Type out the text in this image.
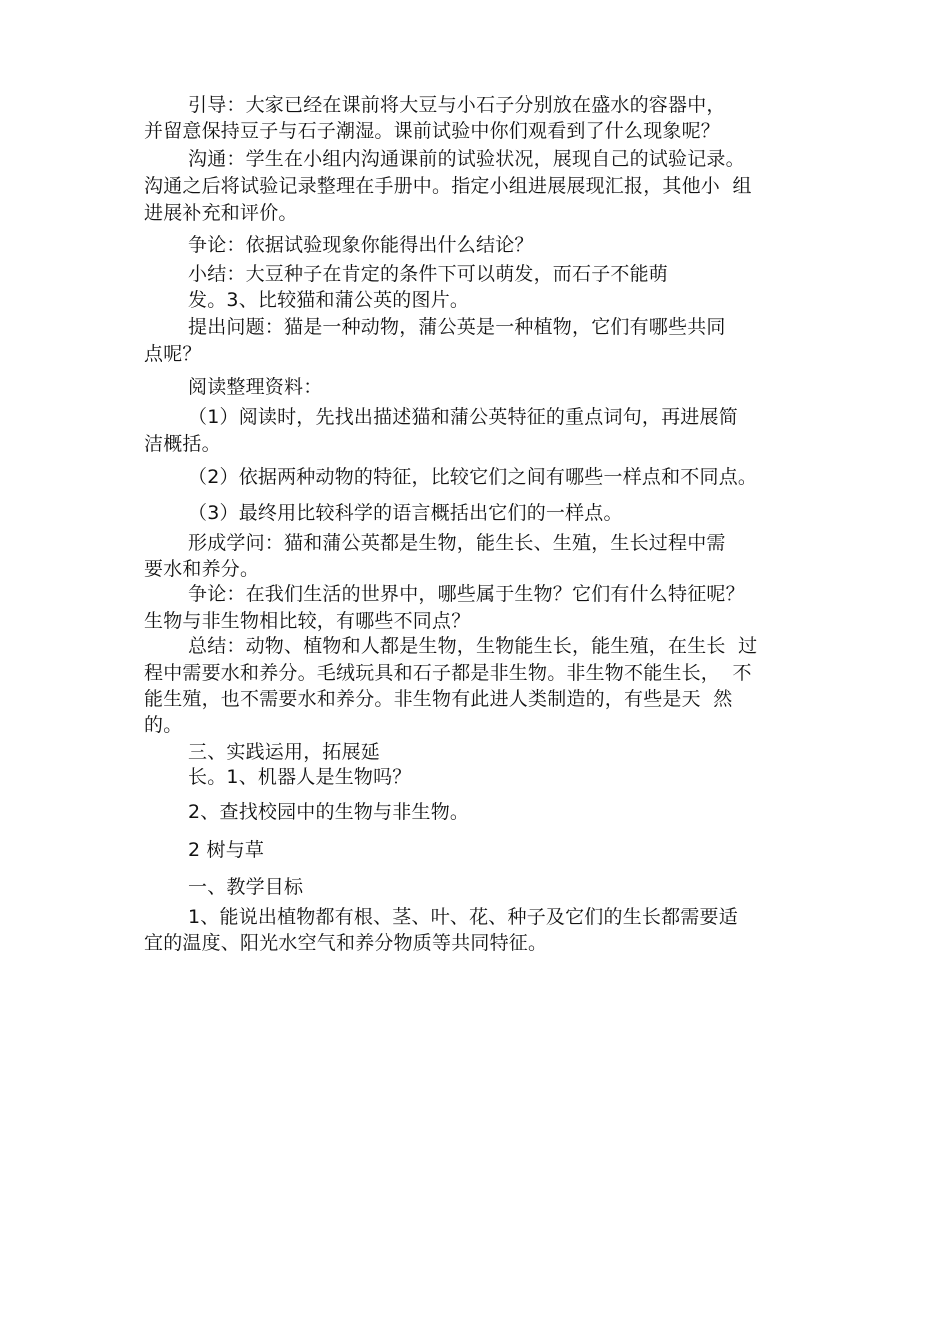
引导：大家已经在课前将大豆与小石子分别放在盛水的容器中，
并留意保持豆子与石子潮湿。课前试验中你们观看到了什么现象呢？
沟通：学生在小组内沟通课前的试验状况，展现自己的试验记录。
沟通之后将试验记录整理在手册中。指定小组进展展现汇报，其他小  组
进展补充和评价。
争论：依据试验现象你能得出什么结论？
小结：大豆种子在肯定的条件下可以萌发，而石子不能萌
发。3、比较猫和蒲公英的图片。
提出问题：猫是一种动物，蒲公英是一种植物，它们有哪些共同
点呢？
阅读整理资料：
（1）阅读时，先找出描述猫和蒲公英特征的重点词句，再进展简
洁概括。
（2）依据两种动物的特征，比较它们之间有哪些一样点和不同点。
（3）最终用比较科学的语言概括出它们的一样点。
形成学问：猫和蒲公英都是生物，能生长、生殖，生长过程中需
要水和养分。
争论：在我们生活的世界中，哪些属于生物？它们有什么特征呢？
生物与非生物相比较，有哪些不同点？
总结：动物、植物和人都是生物，生物能生长，能生殖，在生长  过
程中需要水和养分。毛绒玩具和石子都是非生物。非生物不能生长，  不
能生殖，也不需要水和养分。非生物有此进人类制造的，有些是天  然
的。
三、实践运用，拓展延
长。1、机器人是生物吗？
2、查找校园中的生物与非生物。
2 树与草
一、教学目标
1、能说出植物都有根、茎、叶、花、种子及它们的生长都需要适
宜的温度、阳光水空气和养分物质等共同特征。
